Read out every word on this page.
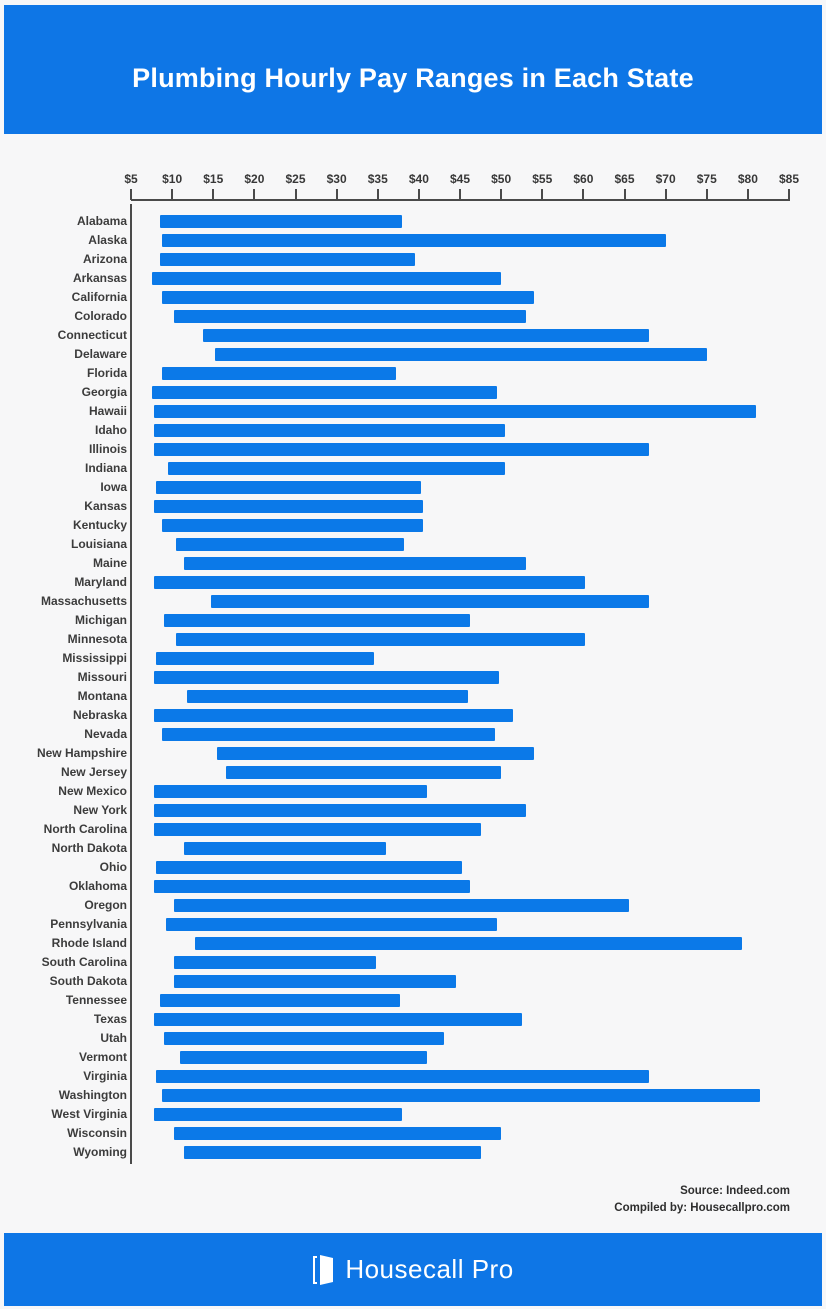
Plumbing Hourly Pay Ranges in Each State
$5	$10	$15	$20	$25	$30	$35	$40	$45	$50	$55	$60	$65	$70	$75	$80	$85
Alabama
Alaska
Arizona
Arkansas
California
Colorado
Connecticut
Delaware
Florida
Georgia
Hawaii
Idaho
Illinois
Indiana
Iowa
Kansas
Kentucky
Louisiana
Maine
Maryland
Massachusetts
Michigan
Minnesota
Mississippi
Missouri
Montana
Nebraska
Nevada
New Hampshire
New Jersey
New Mexico
New York
North Carolina
North Dakota
Ohio
Oklahoma
Oregon
Pennsylvania
Rhode Island
South Carolina
South Dakota
Tennessee
Texas
Utah
Vermont
Virginia
Washington
West Virginia
Wisconsin
Wyoming
Source: Indeed.com
Compiled by: Housecallpro.com
Housecall Pro
